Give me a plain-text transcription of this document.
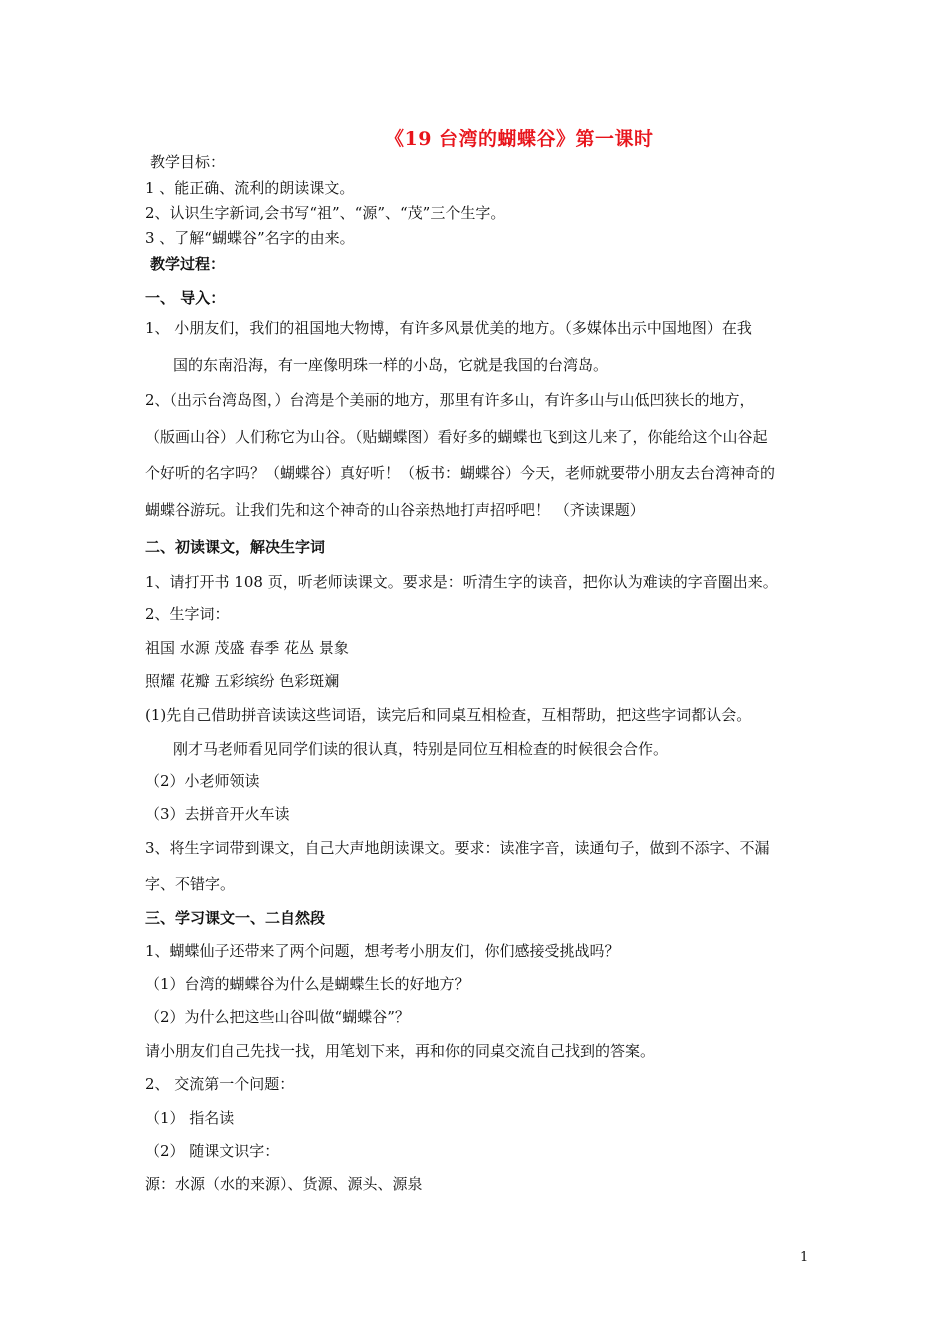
《19 台湾的蝴蝶谷》第一课时
教学目标：
1 、能正确、流利的朗读课文。
2、认识生字新词,会书写“祖”、“源”、“茂”三个生字。
3 、了解“蝴蝶谷”名字的由来。
教学过程：
一、 导入：
1、 小朋友们，我们的祖国地大物博，有许多风景优美的地方。（多媒体出示中国地图）在我
国的东南沿海，有一座像明珠一样的小岛，它就是我国的台湾岛。
2、（出示台湾岛图，）台湾是个美丽的地方，那里有许多山，有许多山与山低凹狭长的地方，
（版画山谷）人们称它为山谷。（贴蝴蝶图）看好多的蝴蝶也飞到这儿来了，你能给这个山谷起
个好听的名字吗？（蝴蝶谷）真好听！（板书：蝴蝶谷）今天，老师就要带小朋友去台湾神奇的
蝴蝶谷游玩。让我们先和这个神奇的山谷亲热地打声招呼吧！ （齐读课题）
二、初读课文，解决生字词
1、请打开书 108 页，听老师读课文。要求是：听清生字的读音，把你认为难读的字音圈出来。
2、生字词：
祖国 水源 茂盛 春季 花丛 景象
照耀 花瓣 五彩缤纷 色彩斑斓
(1)先自己借助拼音读读这些词语，读完后和同桌互相检查，互相帮助，把这些字词都认会。
刚才马老师看见同学们读的很认真，特别是同位互相检查的时候很会合作。
（2）小老师领读
（3）去拼音开火车读
3、将生字词带到课文，自己大声地朗读课文。要求：读准字音，读通句子，做到不添字、不漏
字、不错字。
三、学习课文一、二自然段
1、蝴蝶仙子还带来了两个问题，想考考小朋友们，你们感接受挑战吗？
（1）台湾的蝴蝶谷为什么是蝴蝶生长的好地方？
（2）为什么把这些山谷叫做“蝴蝶谷”？
请小朋友们自己先找一找，用笔划下来，再和你的同桌交流自己找到的答案。
2、 交流第一个问题：
（1） 指名读
（2） 随课文识字：
源：水源（水的来源）、货源、源头、源泉
1
